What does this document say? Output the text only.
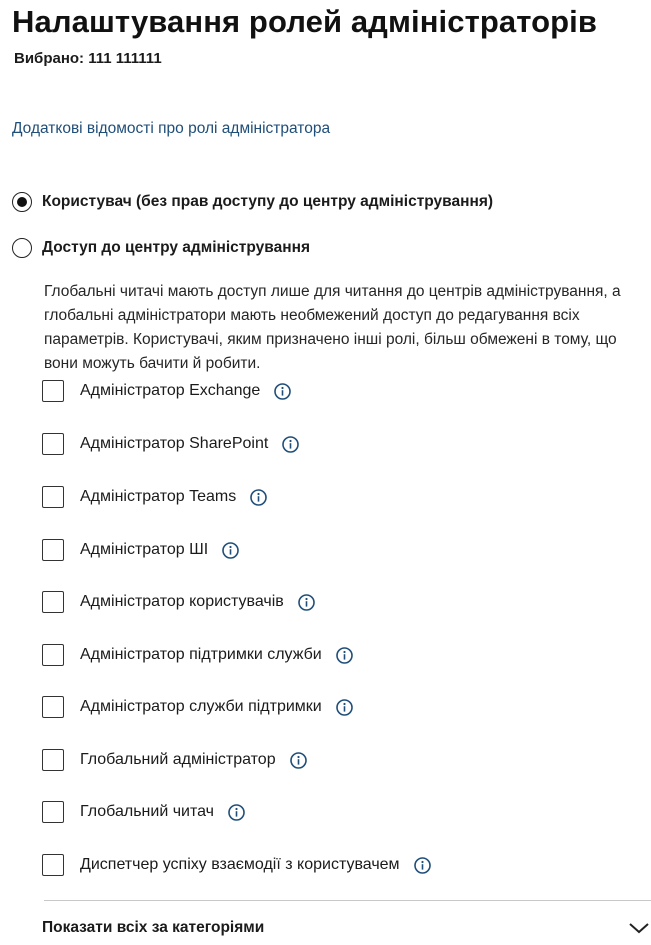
Налаштування ролей адміністраторів
Вибрано: 111 111111
Додаткові відомості про ролі адміністратора
Користувач (без прав доступу до центру адміністрування)
Доступ до центру адміністрування
Глобальні читачі мають доступ лише для читання до центрів адміністрування, а глобальні адміністратори мають необмежений доступ до редагування всіх параметрів. Користувачі, яким призначено інші ролі, більш обмежені в тому, що вони можуть бачити й робити.
Адміністратор Exchange
Адміністратор SharePoint
Адміністратор Teams
Адміністратор ШІ
Адміністратор користувачів
Адміністратор підтримки служби
Адміністратор служби підтримки
Глобальний адміністратор
Глобальний читач
Диспетчер успіху взаємодії з користувачем
Показати всіх за категоріями
